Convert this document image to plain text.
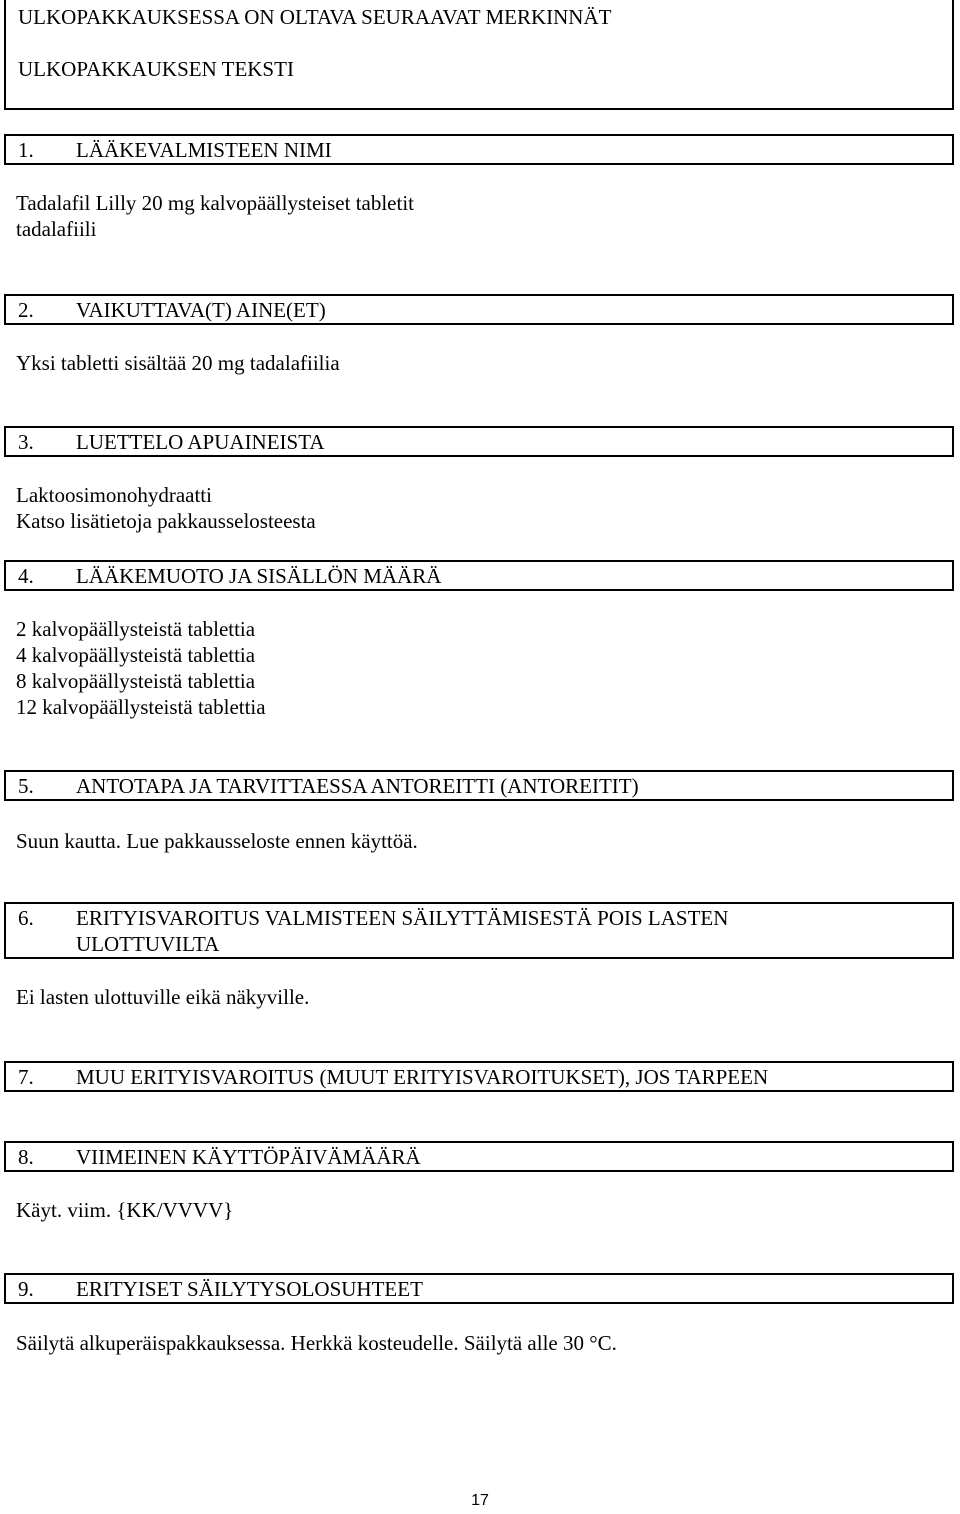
ULKOPAKKAUKSESSA ON OLTAVA SEURAAVAT MERKINNÄT
ULKOPAKKAUKSEN TEKSTI
1. LÄÄKEVALMISTEEN NIMI
Tadalafil Lilly 20 mg kalvopäällysteiset tabletit
tadalafiili
2. VAIKUTTAVA(T) AINE(ET)
Yksi tabletti sisältää 20 mg tadalafiilia
3. LUETTELO APUAINEISTA
Laktoosimonohydraatti
Katso lisätietoja pakkausselosteesta
4. LÄÄKEMUOTO JA SISÄLLÖN MÄÄRÄ
2 kalvopäällysteistä tablettia
4 kalvopäällysteistä tablettia
8 kalvopäällysteistä tablettia
12 kalvopäällysteistä tablettia
5. ANTOTAPA JA TARVITTAESSA ANTOREITTI (ANTOREITIT)
Suun kautta. Lue pakkausseloste ennen käyttöä.
6. ERITYISVAROITUS VALMISTEEN SÄILYTTÄMISESTÄ POIS LASTEN
ULOTTUVILTA
Ei lasten ulottuville eikä näkyville.
7. MUU ERITYISVAROITUS (MUUT ERITYISVAROITUKSET), JOS TARPEEN
8. VIIMEINEN KÄYTTÖPÄIVÄMÄÄRÄ
Käyt. viim. {KK/VVVV}
9. ERITYISET SÄILYTYSOLOSUHTEET
Säilytä alkuperäispakkauksessa. Herkkä kosteudelle. Säilytä alle 30 °C.
17
